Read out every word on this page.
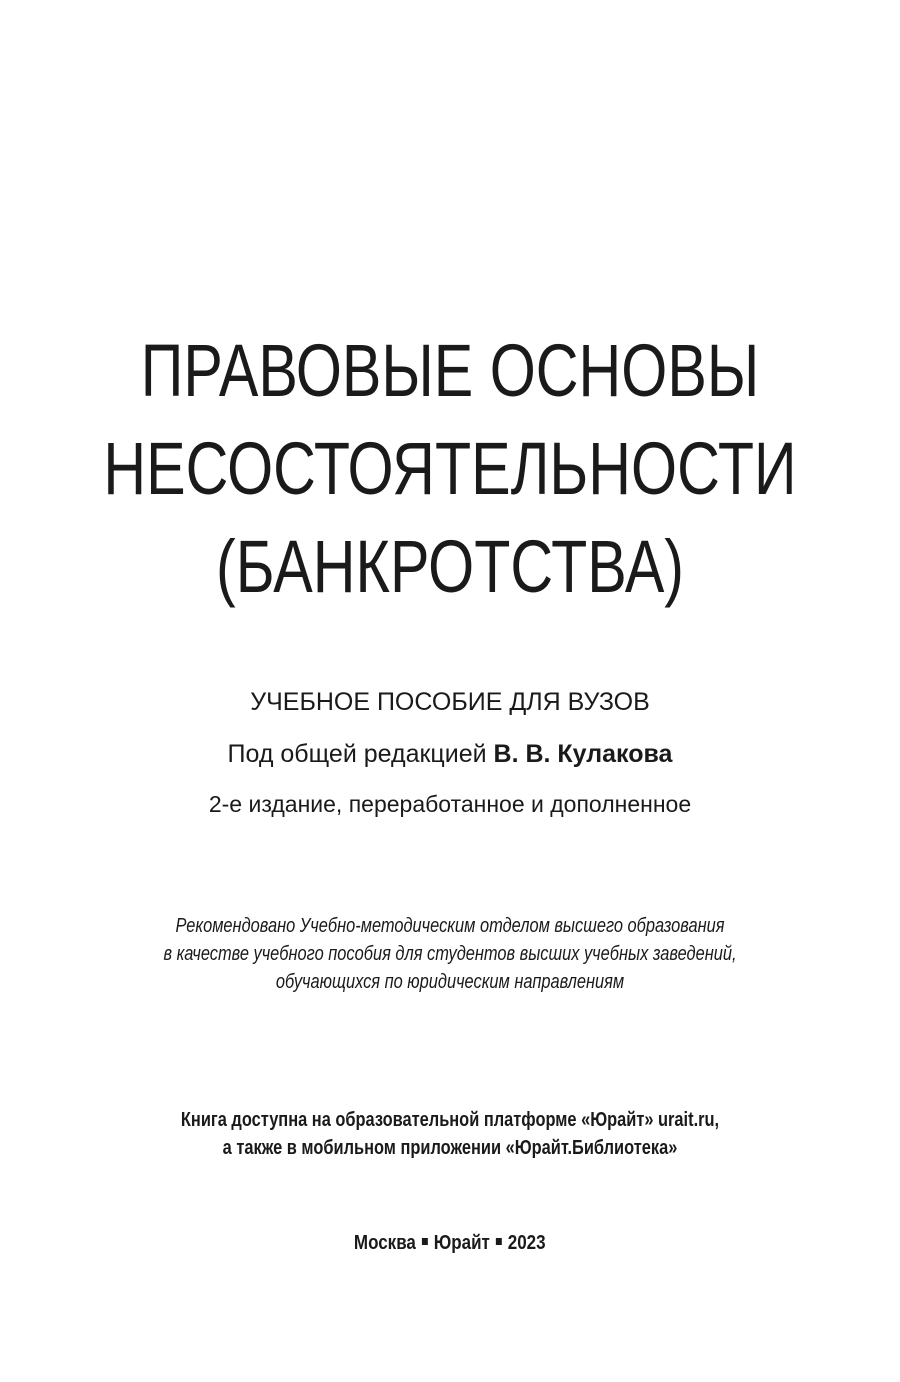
ПРАВОВЫЕ ОСНОВЫ
НЕСОСТОЯТЕЛЬНОСТИ
(БАНКРОТСТВА)
УЧЕБНОЕ ПОСОБИЕ ДЛЯ ВУЗОВ
Под общей редакцией В. В. Кулакова
2-е издание, переработанное и дополненное
Рекомендовано Учебно-методическим отделом высшего образования
в качестве учебного пособия для студентов высших учебных заведений,
обучающихся по юридическим направлениям
Книга доступна на образовательной платформе «Юрайт» urait.ru,
а также в мобильном приложении «Юрайт.Библиотека»
Москва Юрайт 2023
